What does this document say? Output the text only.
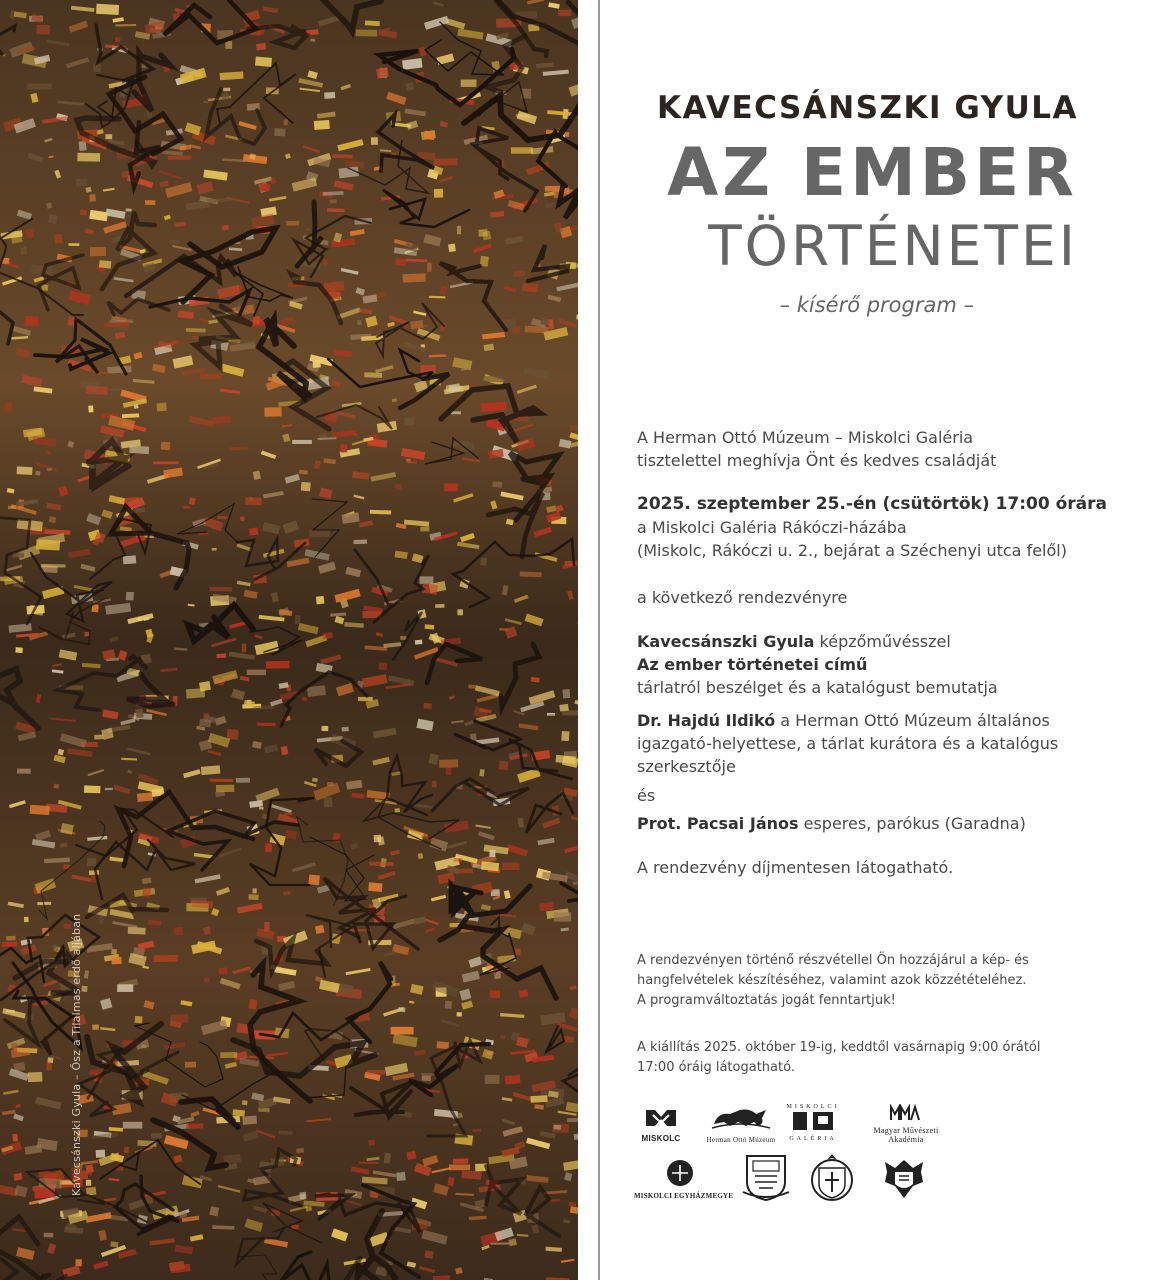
Kavecsánszki Gyula – Ősz a Tilalmas erdő aljában
KAVECSÁNSZKI GYULA
AZ EMBER
TÖRTÉNETEI
– kísérő program –
A Herman Ottó Múzeum – Miskolci Galéria
tisztelettel meghívja Önt és kedves családját
2025. szeptember 25.-én (csütörtök) 17:00 órára
a Miskolci Galéria Rákóczi-házába
(Miskolc, Rákóczi u. 2., bejárat a Széchenyi utca felől)
a következő rendezvényre
Kavecsánszki Gyula képzőművésszel
Az ember történetei című
tárlatról beszélget és a katalógust bemutatja
Dr. Hajdú Ildikó a Herman Ottó Múzeum általános
igazgató-helyettese, a tárlat kurátora és a katalógus
szerkesztője
és
Prot. Pacsai János esperes, parókus (Garadna)
A rendezvény díjmentesen látogatható.
A rendezvényen történő részvétellel Ön hozzájárul a kép- és
hangfelvételek készítéséhez, valamint azok közzétételéhez.
A programváltoztatás jogát fenntartjuk!
A kiállítás 2025. október 19-ig, keddtől vasárnapig 9:00 órától
17:00 óráig látogatható.
MISKOLC	Herman Ottó Múzeum
MISKOLCI
GALÉRIA
Magyar Művészeti
Akadémia
MISKOLCI EGYHÁZMEGYE
